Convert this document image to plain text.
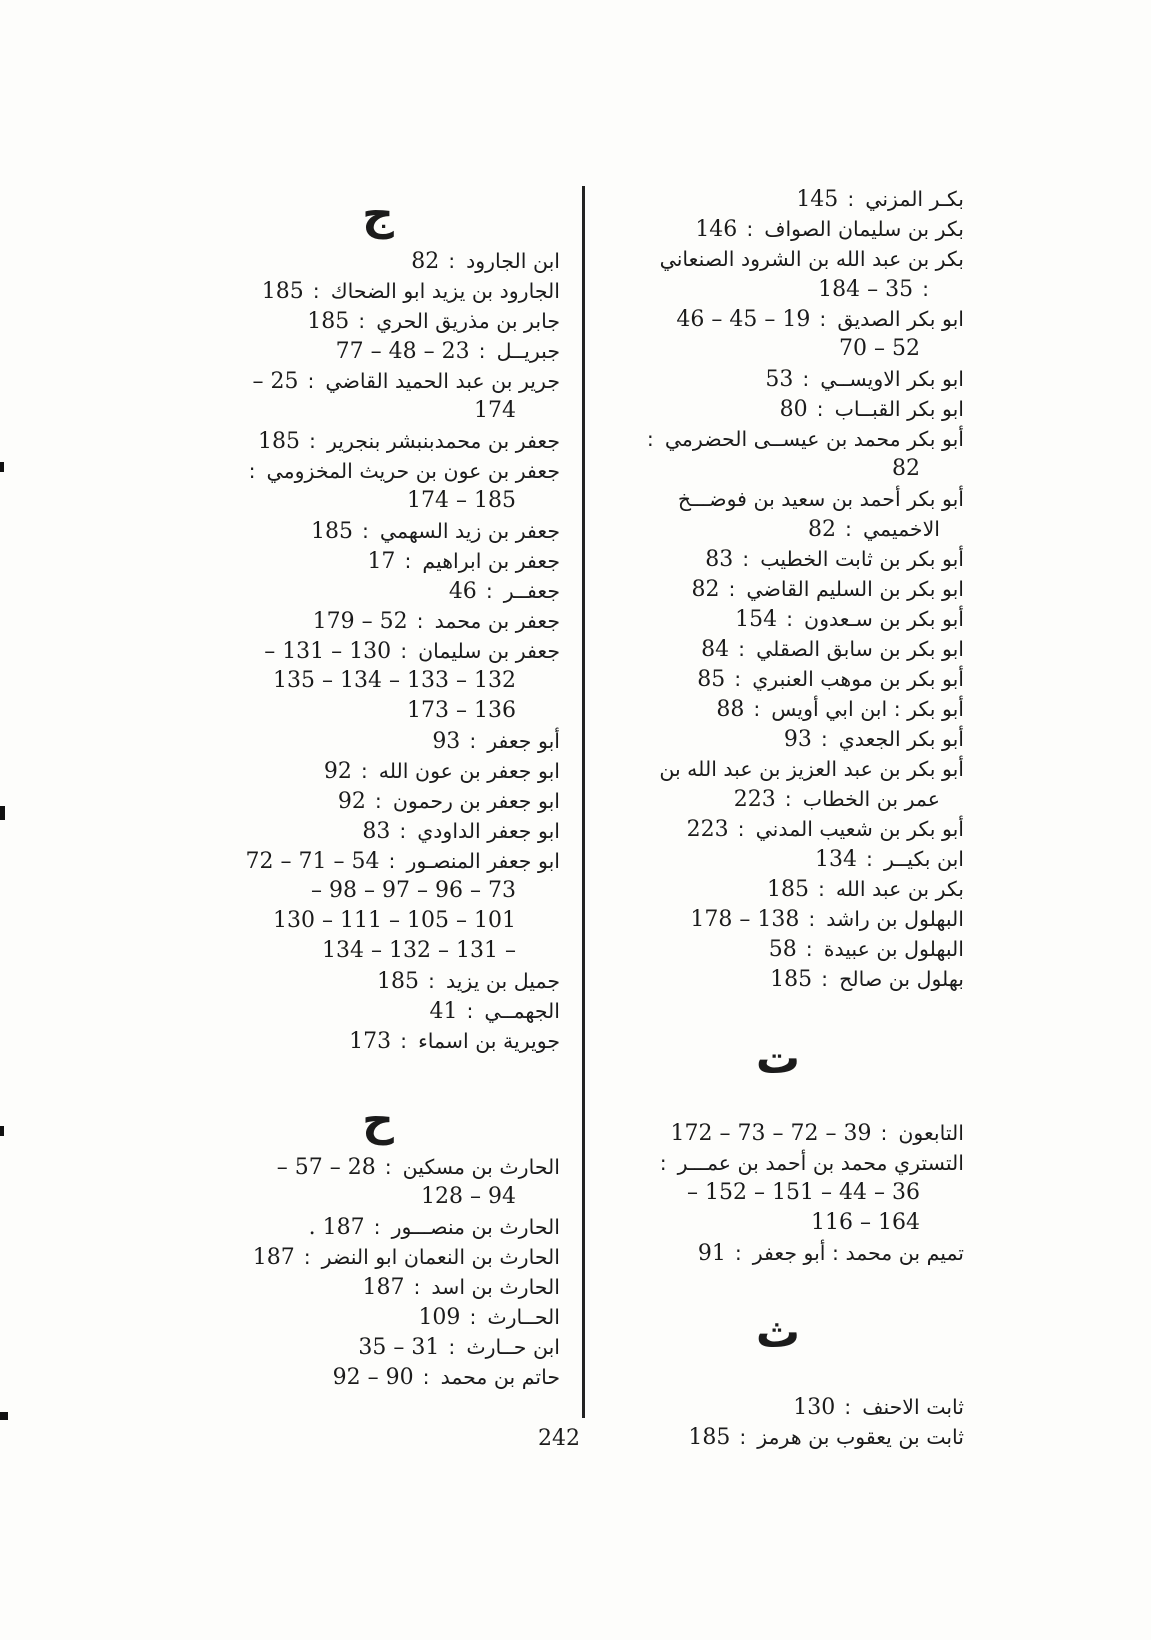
بكـر المزني
:
145
بكر بن سليمان الصواف
:
146
بكر بن عبد الله بن الشرود الصنعاني
:
35 – 184
ابو بكر الصديق
:
19 – 45 – 46
52 – 70
ابو بكر الاويســي
:
53
ابو بكر القبــاب
:
80
أبو بكر محمد بن عيســى الحضرمي
:
82
أبو بكر أحمد بن سعيد بن فوضـــخ
الاخميمي
:
82
أبو بكر بن ثابت الخطيب
:
83
ابو بكر بن السليم القاضي
:
82
أبو بكر بن سـعدون
:
154
ابو بكر بن سابق الصقلي
:
84
أبو بكر بن موهب العنبري
:
85
أبو بكر : ابن ابي أويس
:
88
أبو بكر الجعدي
:
93
أبو بكر بن عبد العزيز بن عبد الله بن
عمر بن الخطاب
:
223
أبو بكر بن شعيب المدني
:
223
ابن بكيــر
:
134
بكر بن عبد الله
:
185
البهلول بن راشد
:
138 – 178
البهلول بن عبيدة
:
58
بهلول بن صالح
:
185
ت
التابعون
:
39 – 72 – 73 – 172
التستري محمد بن أحمد بن عمـــر
:
36 – 44 – 151 – 152 –
164 – 116
تميم بن محمد : أبو جعفر
:
91
ث
ثابت الاحنف
:
130
ثابت بن يعقوب بن هرمز
:
185
ج
ابن الجارود
:
82
الجارود بن يزيد ابو الضحاك
:
185
جابر بن مذريق الحري
:
185
جبريــل
:
23 – 48 – 77
جرير بن عبد الحميد القاضي
:
25 –
174
جعفر بن محمدبنبشر بنجرير
:
185
جعفر بن عون بن حريث المخزومي
:
185 – 174
جعفر بن زيد السهمي
:
185
جعفر بن ابراهيم
:
17
جعفــر
:
46
جعفر بن محمد
:
52 – 179
جعفر بن سليمان
:
130 – 131 –
132 – 133 – 134 – 135
136 – 173
أبو جعفر
:
93
ابو جعفر بن عون الله
:
92
ابو جعفر بن رحمون
:
92
ابو جعفر الداودي
:
83
ابو جعفر المنصـور
:
54 – 71 – 72
73 – 96 – 97 – 98 –
101 – 105 – 111 – 130
– 131 – 132 – 134
جميل بن يزيد
:
185
الجهمــي
:
41
جويرية بن اسماء
:
173
ح
الحارث بن مسكين
:
28 – 57 –
94 – 128
الحارث بن منصـــور
:
187 .
الحارث بن النعمان ابو النضر
:
187
الحارث بن اسد
:
187
الحــارث
:
109
ابن حــارث
:
31 – 35
حاتم بن محمد
:
90 – 92
242
